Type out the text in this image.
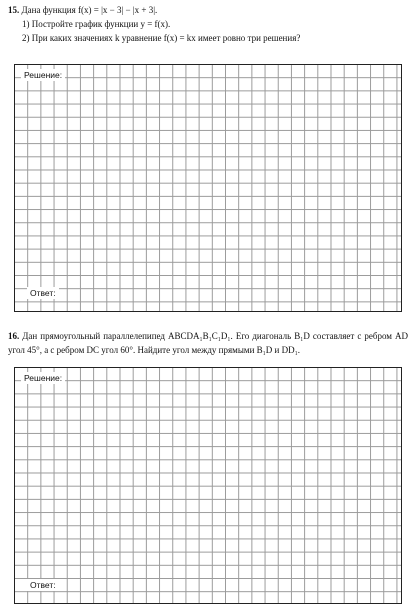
15. Дана функция f(x) = |x − 3| − |x + 3|.
1) Постройте график функции y = f(x).
2) При каких значениях k уравнение f(x) = kx имеет ровно три решения?
Решение:
Ответ:
16. Дан прямоугольный параллелепипед ABCDA₁B₁C₁D₁. Его диагональ B₁D составляет с ребром AD угол 45°, а с ребром DC угол 60°. Найдите угол между прямыми B₁D и DD₁.
Решение:
Ответ:
